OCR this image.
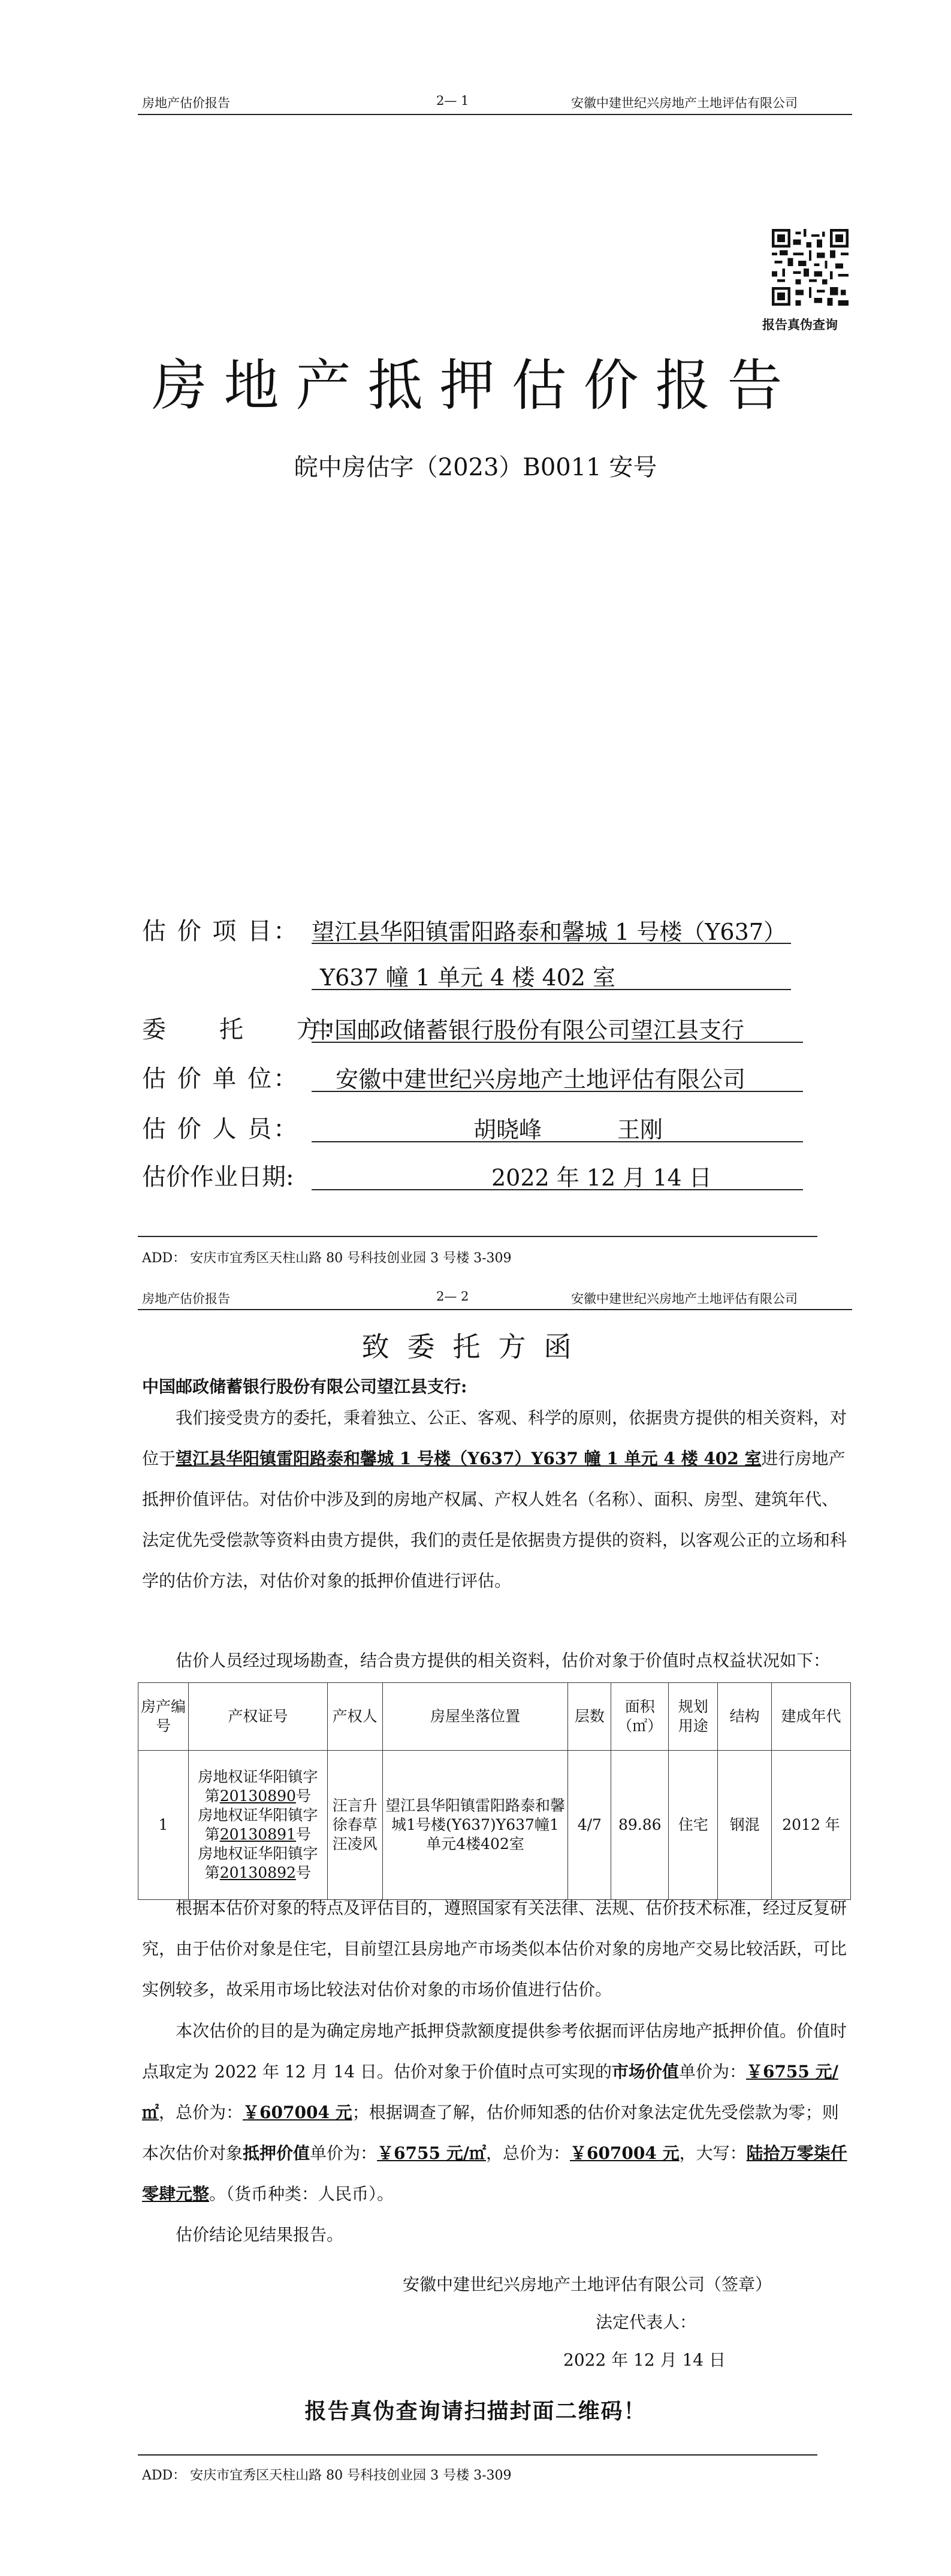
房地产估价报告	2— 1	安徽中建世纪兴房地产土地评估有限公司
报告真伪查询
房地产抵押估价报告
皖中房估字（2023）B0011 安号
估 价 项 目： 望江县华阳镇雷阳路泰和馨城 1 号楼（Y637）
Y637 幢 1 单元 4 楼 402 室
委　　托　　方：
中国邮政储蓄银行股份有限公司望江县支行
估 价 单 位： 安徽中建世纪兴房地产土地评估有限公司
估 价 人 员：	胡晓峰	王刚
估价作业日期:	2022 年 12 月 14 日
ADD： 安庆市宜秀区天柱山路 80 号科技创业园 3 号楼 3-309
房地产估价报告	2— 2	安徽中建世纪兴房地产土地评估有限公司
致委托方函
中国邮政储蓄银行股份有限公司望江县支行:
我们接受贵方的委托，秉着独立、公正、客观、科学的原则，依据贵方提供的相关资料，对位于望江县华阳镇雷阳路泰和馨城 1 号楼（Y637）Y637 幢 1 单元 4 楼 402 室进行房地产抵押价值评估。对估价中涉及到的房地产权属、产权人姓名（名称）、面积、房型、建筑年代、法定优先受偿款等资料由贵方提供，我们的责任是依据贵方提供的资料，以客观公正的立场和科学的估价方法，对估价对象的抵押价值进行评估。
估价人员经过现场勘查，结合贵方提供的相关资料，估价对象于价值时点权益状况如下：
房产编号	产权证号	产权人	房屋坐落位置	层数	面积（㎡）	规划用途	结构	建成年代
1	房地权证华阳镇字第20130890号
房地权证华阳镇字第20130891号
房地权证华阳镇字第20130892号	汪言升
徐春草
汪凌风	望江县华阳镇雷阳路泰和馨城1号楼(Y637)Y637幢1单元4楼402室	4/7	89.86	住宅	钢混	2012 年
根据本估价对象的特点及评估目的，遵照国家有关法律、法规、估价技术标准，经过反复研究，由于估价对象是住宅，目前望江县房地产市场类似本估价对象的房地产交易比较活跃，可比实例较多，故采用市场比较法对估价对象的市场价值进行估价。
本次估价的目的是为确定房地产抵押贷款额度提供参考依据而评估房地产抵押价值。价值时点取定为 2022 年 12 月 14 日。估价对象于价值时点可实现的市场价值单价为：￥6755 元/㎡，总价为：￥607004 元；根据调查了解，估价师知悉的估价对象法定优先受偿款为零；则本次估价对象抵押价值单价为：￥6755 元/㎡，总价为：￥607004 元，大写：陆拾万零柒仟零肆元整。（货币种类：人民币）。
估价结论见结果报告。
安徽中建世纪兴房地产土地评估有限公司（签章）
法定代表人：
2022 年 12 月 14 日
报告真伪查询请扫描封面二维码！
ADD： 安庆市宜秀区天柱山路 80 号科技创业园 3 号楼 3-309
